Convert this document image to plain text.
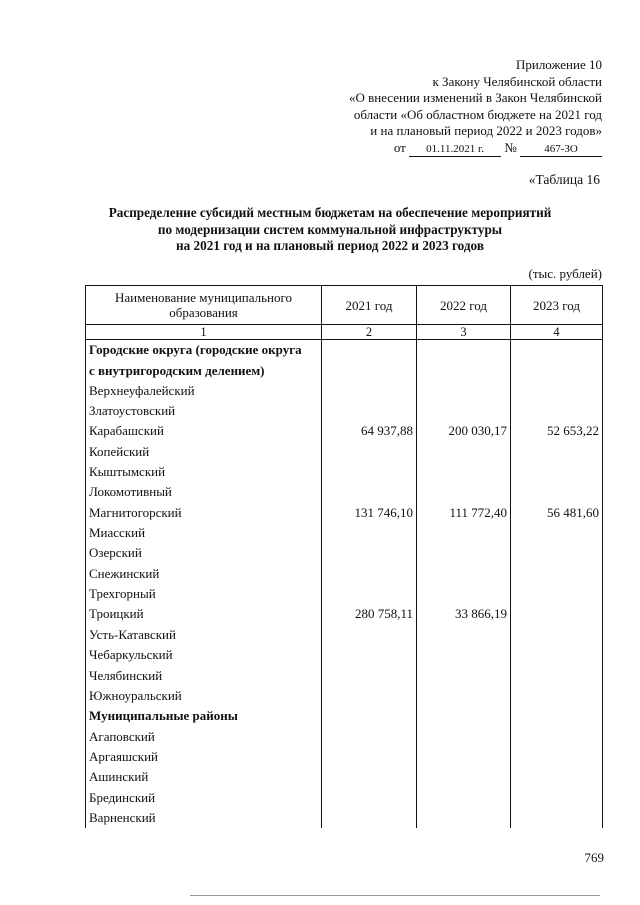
Приложение 10
к Закону Челябинской области
«О внесении изменений в Закон Челябинской
области «Об областном бюджете на 2021 год
и на плановый период 2022 и 2023 годов»
от 01.11.2021 г. № 467-ЗО
«Таблица 16
Распределение субсидий местным бюджетам на обеспечение мероприятий
по модернизации систем коммунальной инфраструктуры
на 2021 год и на плановый период 2022 и 2023 годов
(тыс. рублей)
Наименование муниципального образования	2021 год	2022 год	2023 год
1	2	3	4
Городские округа (городские округа			
с внутригородским делением)			
Верхнеуфалейский			
Златоустовский			
Карабашский	64 937,88	200 030,17	52 653,22
Копейский			
Кыштымский			
Локомотивный			
Магнитогорский	131 746,10	111 772,40	56 481,60
Миасский			
Озерский			
Снежинский			
Трехгорный			
Троицкий	280 758,11	33 866,19	
Усть-Катавский			
Чебаркульский			
Челябинский			
Южноуральский			
Муниципальные районы			
Агаповский			
Аргаяшский			
Ашинский			
Брединский			
Варненский			
769
